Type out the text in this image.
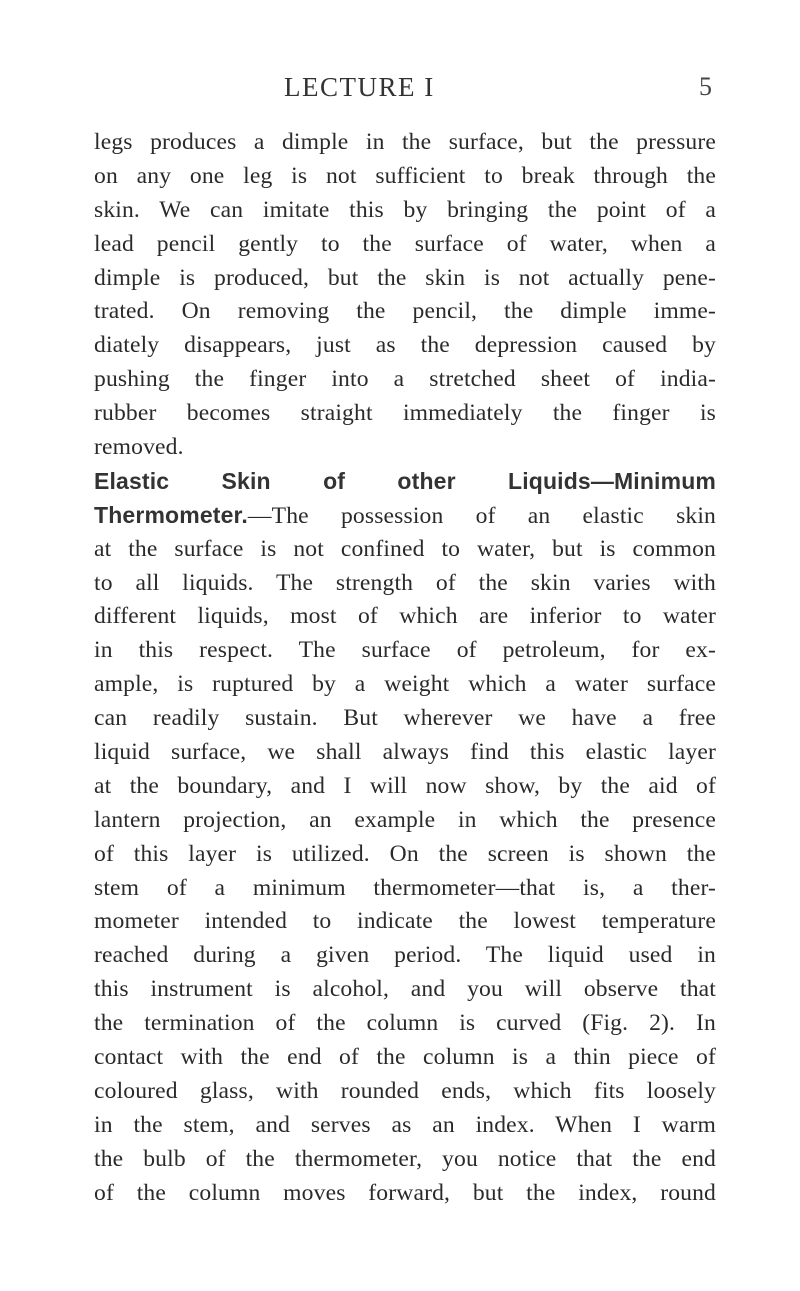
LECTURE I	5
legs produces a dimple in the surface, but the pressure
on any one leg is not sufficient to break through the
skin. We can imitate this by bringing the point of a
lead pencil gently to the surface of water, when a
dimple is produced, but the skin is not actually pene-
trated. On removing the pencil, the dimple imme-
diately disappears, just as the depression caused by
pushing the finger into a stretched sheet of india-
rubber becomes straight immediately the finger is
removed.
Elastic Skin of other Liquids—Minimum
Thermometer.—The possession of an elastic skin
at the surface is not confined to water, but is common
to all liquids. The strength of the skin varies with
different liquids, most of which are inferior to water
in this respect. The surface of petroleum, for ex-
ample, is ruptured by a weight which a water surface
can readily sustain. But wherever we have a free
liquid surface, we shall always find this elastic layer
at the boundary, and I will now show, by the aid of
lantern projection, an example in which the presence
of this layer is utilized. On the screen is shown the
stem of a minimum thermometer—that is, a ther-
mometer intended to indicate the lowest temperature
reached during a given period. The liquid used in
this instrument is alcohol, and you will observe that
the termination of the column is curved (Fig. 2). In
contact with the end of the column is a thin piece of
coloured glass, with rounded ends, which fits loosely
in the stem, and serves as an index. When I warm
the bulb of the thermometer, you notice that the end
of the column moves forward, but the index, round
